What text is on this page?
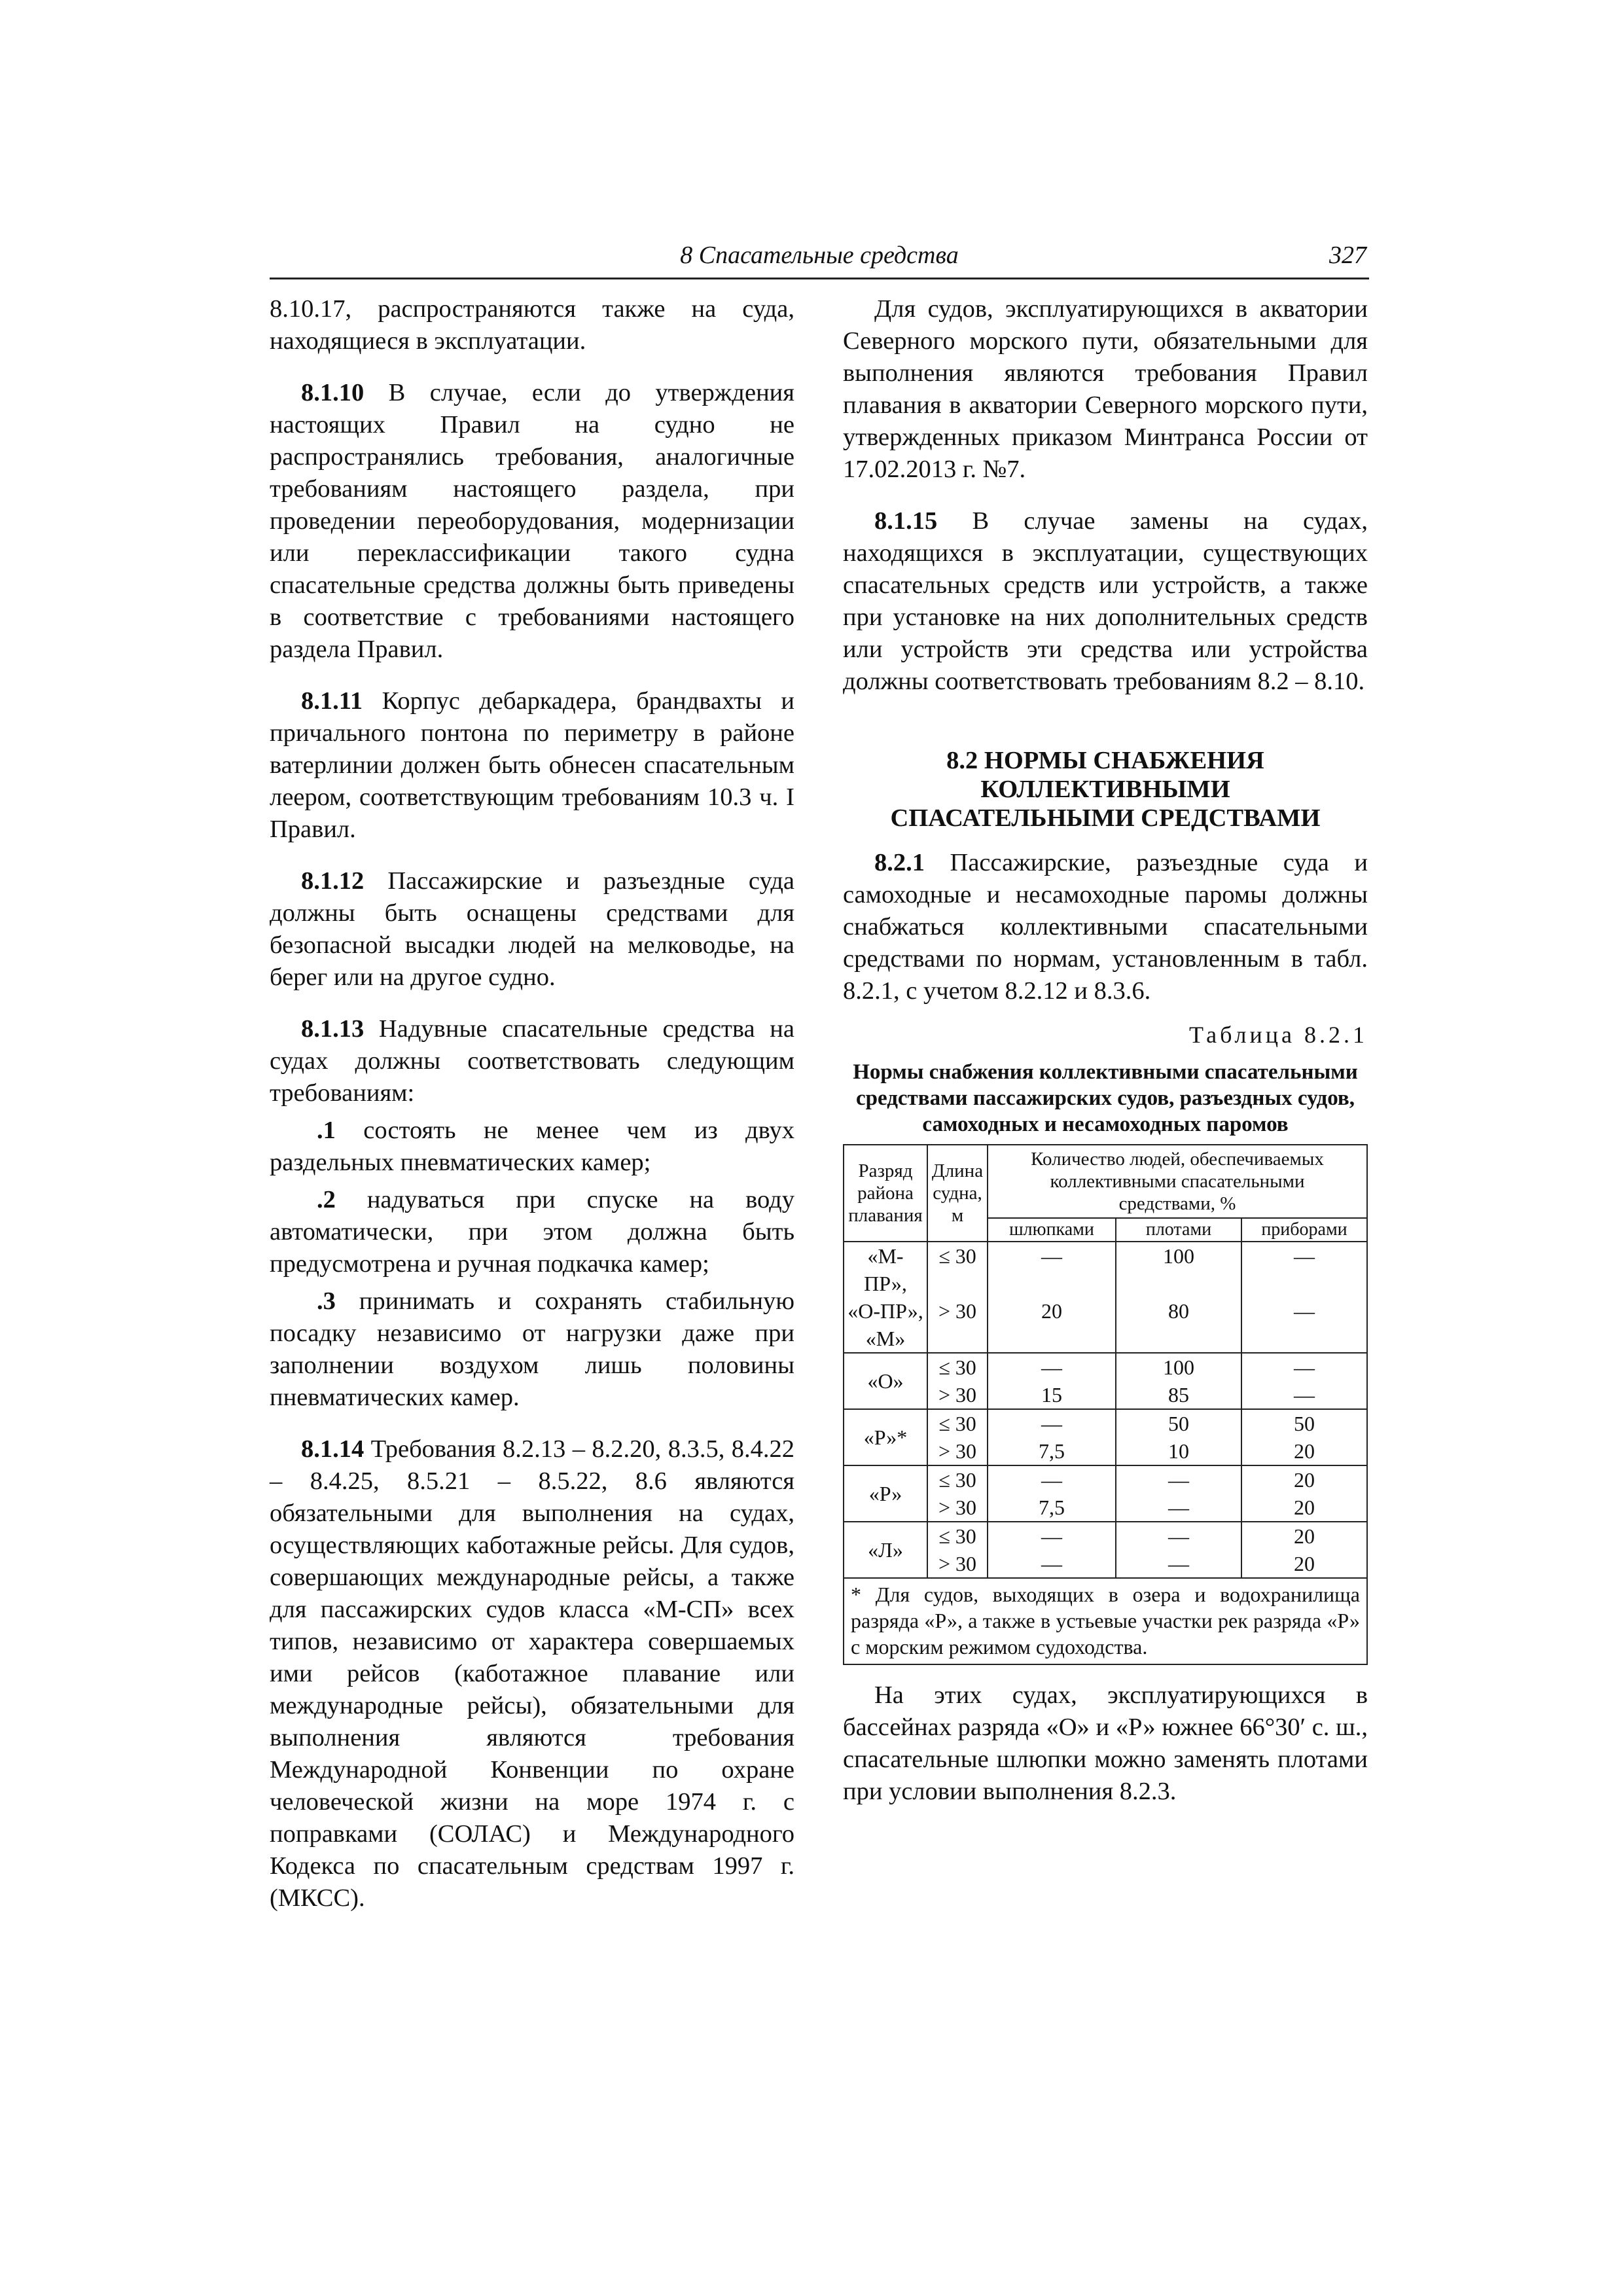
8 Спасательные средства	327

8.10.17, распространяются также на суда, находящиеся в эксплуатации.

8.1.10 В случае, если до утверждения настоящих Правил на судно не распространялись требования, аналогичные требованиям настоящего раздела, при проведении переоборудования, модернизации или переклассификации такого судна спасательные средства должны быть приведены в соответствие с требованиями настоящего раздела Правил.

8.1.11 Корпус дебаркадера, брандвахты и причального понтона по периметру в районе ватерлинии должен быть обнесен спасательным леером, соответствующим требованиям 10.3 ч. I Правил.

8.1.12 Пассажирские и разъездные суда должны быть оснащены средствами для безопасной высадки людей на мелководье, на берег или на другое судно.

8.1.13 Надувные спасательные средства на судах должны соответствовать следующим требованиям:

.1 состоять не менее чем из двух раздельных пневматических камер;

.2 надуваться при спуске на воду автоматически, при этом должна быть предусмотрена и ручная подкачка камер;

.3 принимать и сохранять стабильную посадку независимо от нагрузки даже при заполнении воздухом лишь половины пневматических камер.

8.1.14 Требования 8.2.13 – 8.2.20, 8.3.5, 8.4.22 – 8.4.25, 8.5.21 – 8.5.22, 8.6 являются обязательными для выполнения на судах, осуществляющих каботажные рейсы. Для судов, совершающих международные рейсы, а также для пассажирских судов класса «М-СП» всех типов, независимо от характера совершаемых ими рейсов (каботажное плавание или международные рейсы), обязательными для выполнения являются требования Международной Конвенции по охране человеческой жизни на море 1974 г. с поправками (СОЛАС) и Международного Кодекса по спасательным средствам 1997 г. (МКСС).

Для судов, эксплуатирующихся в акватории Северного морского пути, обязательными для выполнения являются требования Правил плавания в акватории Северного морского пути, утвержденных приказом Минтранса России от 17.02.2013 г. №7.

8.1.15 В случае замены на судах, находящихся в эксплуатации, существующих спасательных средств или устройств, а также при установке на них дополнительных средств или устройств эти средства или устройства должны соответствовать требованиям 8.2 – 8.10.

8.2 НОРМЫ СНАБЖЕНИЯ
КОЛЛЕКТИВНЫМИ
СПАСАТЕЛЬНЫМИ СРЕДСТВАМИ

8.2.1 Пассажирские, разъездные суда и самоходные и несамоходные паромы должны снабжаться коллективными спасательными средствами по нормам, установленным в табл. 8.2.1, с учетом 8.2.12 и 8.3.6.

Таблица 8.2.1
Нормы снабжения коллективными спасательными средствами пассажирских судов, разъездных судов, самоходных и несамоходных паромов
Разряд
района
плавания	Длина
судна,
м	Количество людей, обеспечиваемых коллективными спасательными средствами, %		
		шлюпками	плотами	приборами

«М-ПР»,
«О-ПР»,
«М»	≤ 30	—	100	—
	> 30	20	80	—
«О»	≤ 30	—	100	—
	> 30	15	85	—
«Р»*	≤ 30	—	50	50
	> 30	7,5	10	20
«Р»	≤ 30	—	—	20
	> 30	7,5	—	20
«Л»	≤ 30	—	—	20
	> 30	—	—	20
* Для судов, выходящих в озера и водохранилища разряда «Р», а также в устьевые участки рек разряда «Р» с морским режимом судоходства.				

На этих судах, эксплуатирующихся в бассейнах разряда «О» и «Р» южнее 66°30′ с. ш., спасательные шлюпки можно заменять плотами при условии выполнения 8.2.3.
